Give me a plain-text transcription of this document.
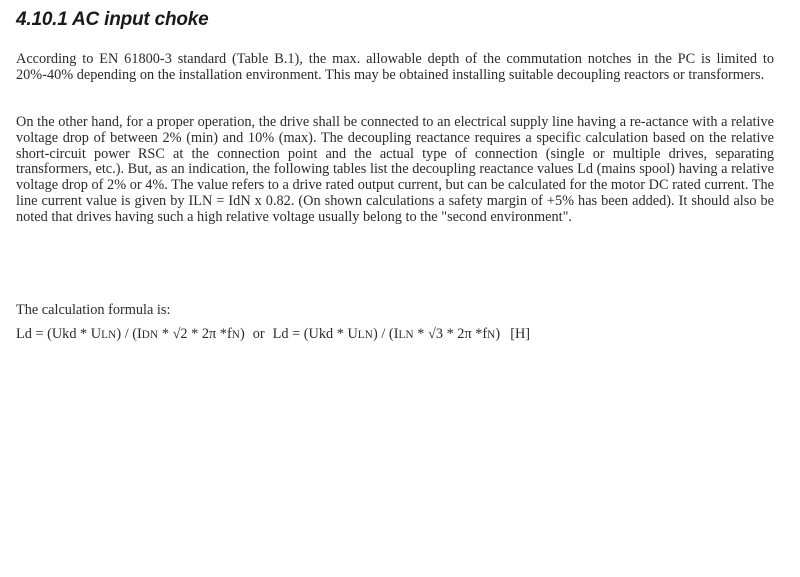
4.10.1 AC input choke

According to EN 61800-3 standard (Table B.1), the max. allowable depth of the commutation notches in the PC is limited to 20%-40% depending on the installation environment. This may be obtained installing suitable decoupling reactors or transformers.

On the other hand, for a proper operation, the drive shall be connected to an electrical supply line having a re-actance with a relative voltage drop of between 2% (min) and 10% (max). The decoupling reactance requires a specific calculation based on the relative short-circuit power RSC at the connection point and the actual type of connection (single or multiple drives, separating transformers, etc.). But, as an indication, the following tables list the decoupling reactance values Ld (mains spool) having a relative voltage drop of 2% or 4%. The value refers to a drive rated output current, but can be calculated for the motor DC rated current. The line current value is given by ILN = IdN x 0.82. (On shown calculations a safety margin of +5% has been added). It should also be noted that drives having such a high relative voltage usually belong to the "second environment".

The calculation formula is:

Ld = (Ukd * ULN) / (IDN * √2 * 2π *fN) or Ld = (Ukd * ULN) / (ILN * √3 * 2π *fN) [H]
